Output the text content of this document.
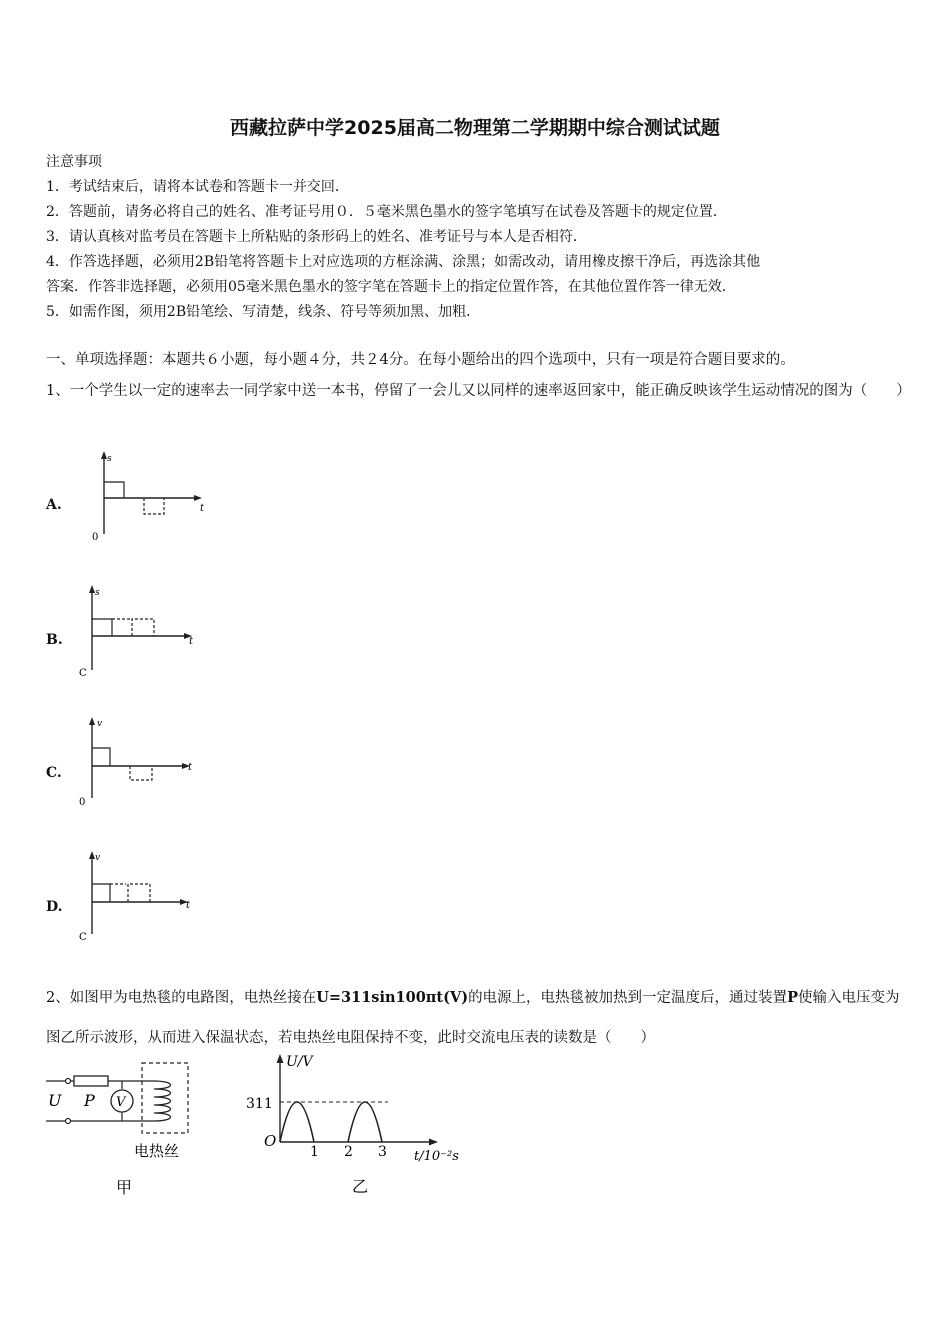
西藏拉萨中学2025届高二物理第二学期期中综合测试试题
注意事项
1．考试结束后，请将本试卷和答题卡一并交回．
2．答题前，请务必将自己的姓名、准考证号用０．５毫米黑色墨水的签字笔填写在试卷及答题卡的规定位置．
3．请认真核对监考员在答题卡上所粘贴的条形码上的姓名、准考证号与本人是否相符．
4．作答选择题，必须用2B铅笔将答题卡上对应选项的方框涂满、涂黑；如需改动，请用橡皮擦干净后，再选涂其他
答案．作答非选择题，必须用05毫米黑色墨水的签字笔在答题卡上的指定位置作答，在其他位置作答一律无效．
5．如需作图，须用2B铅笔绘、写清楚，线条、符号等须加黑、加粗．
一、单项选择题：本题共６小题，每小题４分，共２4分。在每小题给出的四个选项中，只有一项是符合题目要求的。
1、一个学生以一定的速率去一同学家中送一本书，停留了一会儿又以同样的速率返回家中，能正确反映该学生运动情况的图为（　　）
A.
s
t
0
B.
s
t
C
C.
v
t
0
D.
v
t
C
2、如图甲为电热毯的电路图，电热丝接在U=311sin100πt(V)的电源上，电热毯被加热到一定温度后，通过装置P使输入电压变为图乙所示波形，从而进入保温状态，若电热丝电阻保持不变，此时交流电压表的读数是（　　）
V
U P
电热丝
甲
U/V
311
O
1 2 3 t/10⁻²s
乙
